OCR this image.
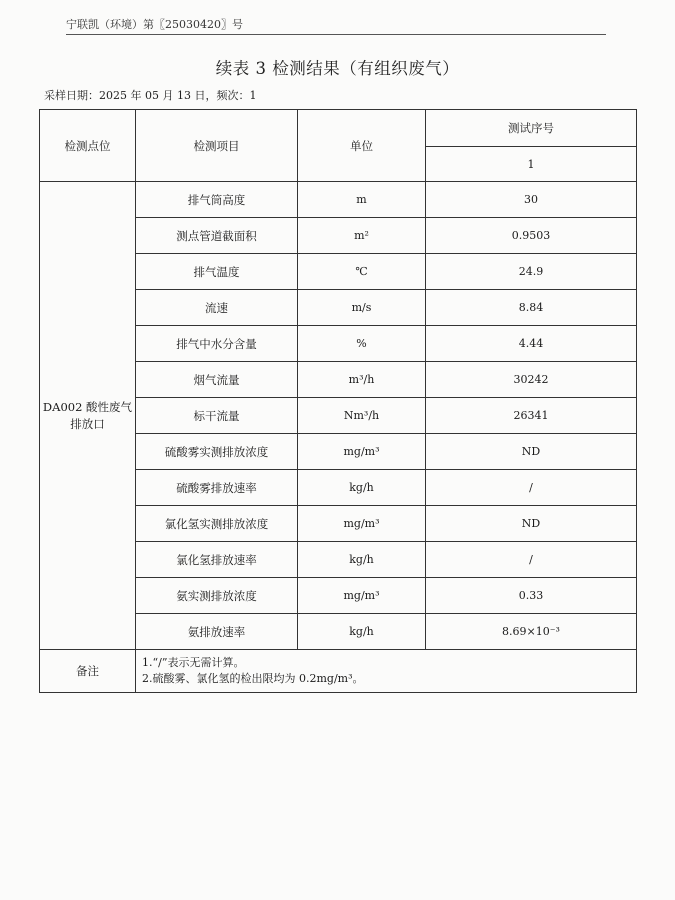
宁联凯（环境）第〖25030420〗号
续表 3 检测结果（有组织废气）
采样日期：2025 年 05 月 13 日，频次：1
检测点位	检测项目	单位	测试序号
			1
DA002 酸性废气排放口	排气筒高度	m	30
	测点管道截面积	m²	0.9503
	排气温度	℃	24.9
	流速	m/s	8.84
	排气中水分含量	%	4.44
	烟气流量	m³/h	30242
	标干流量	Nm³/h	26341
	硫酸雾实测排放浓度	mg/m³	ND
	硫酸雾排放速率	kg/h	/
	氯化氢实测排放浓度	mg/m³	ND
	氯化氢排放速率	kg/h	/
	氨实测排放浓度	mg/m³	0.33
	氨排放速率	kg/h	8.69×10⁻³
备注	1.“/”表示无需计算。
2.硫酸雾、氯化氢的检出限均为 0.2mg/m³。		
